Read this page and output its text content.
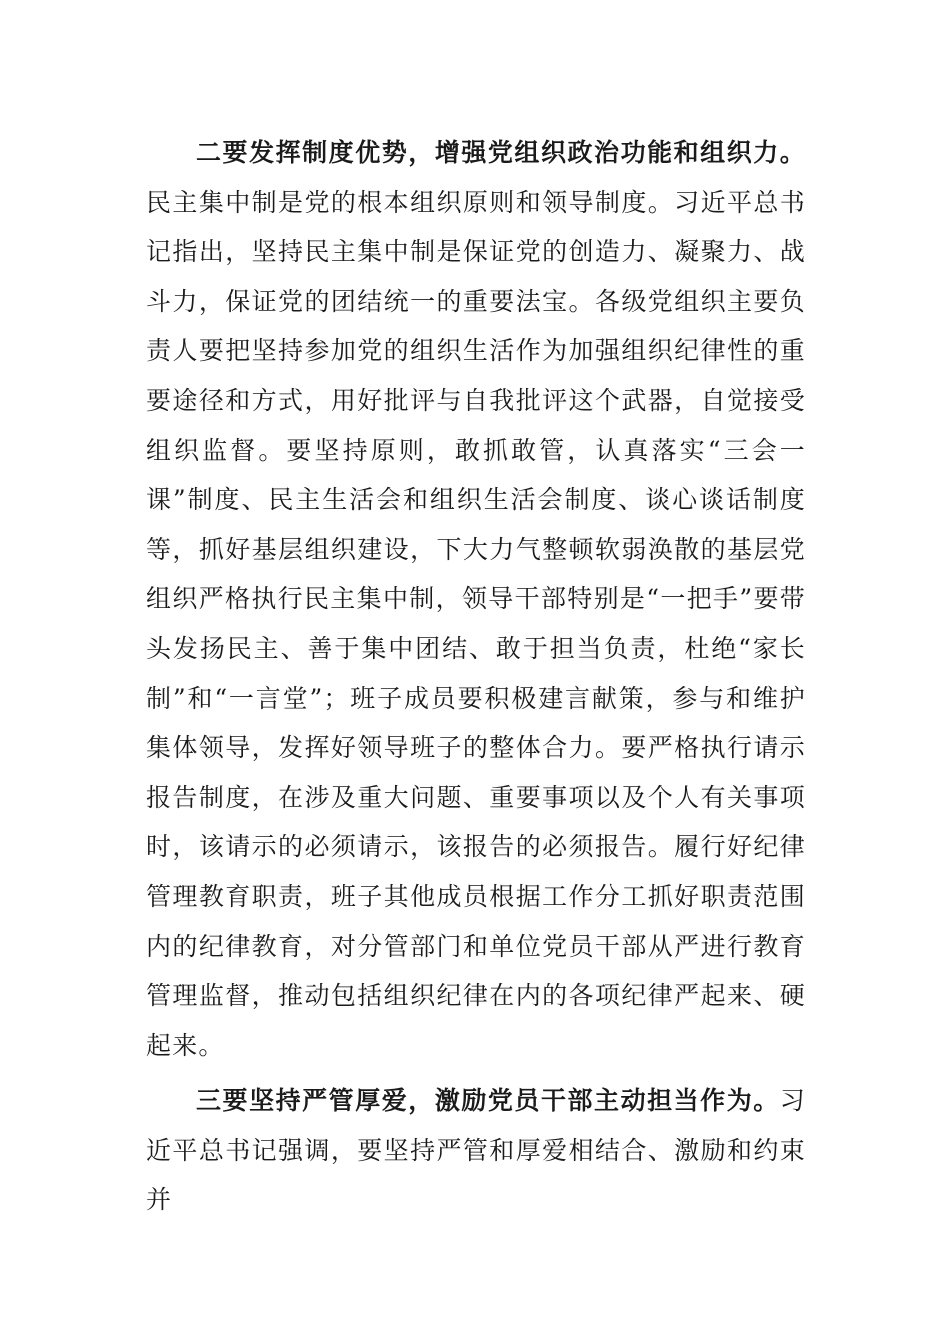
二要发挥制度优势，增强党组织政治功能和组织力。民主集中制是党的根本组织原则和领导制度。习近平总书记指出，坚持民主集中制是保证党的创造力、凝聚力、战斗力，保证党的团结统一的重要法宝。各级党组织主要负责人要把坚持参加党的组织生活作为加强组织纪律性的重要途径和方式，用好批评与自我批评这个武器，自觉接受组织监督。要坚持原则，敢抓敢管，认真落实“三会一课”制度、民主生活会和组织生活会制度、谈心谈话制度等，抓好基层组织建设，下大力气整顿软弱涣散的基层党组织严格执行民主集中制，领导干部特别是“一把手”要带头发扬民主、善于集中团结、敢于担当负责，杜绝“家长制”和“一言堂”；班子成员要积极建言献策，参与和维护集体领导，发挥好领导班子的整体合力。要严格执行请示报告制度，在涉及重大问题、重要事项以及个人有关事项时，该请示的必须请示，该报告的必须报告。履行好纪律管理教育职责，班子其他成员根据工作分工抓好职责范围内的纪律教育，对分管部门和单位党员干部从严进行教育管理监督，推动包括组织纪律在内的各项纪律严起来、硬起来。

三要坚持严管厚爱，激励党员干部主动担当作为。习近平总书记强调，要坚持严管和厚爱相结合、激励和约束并
